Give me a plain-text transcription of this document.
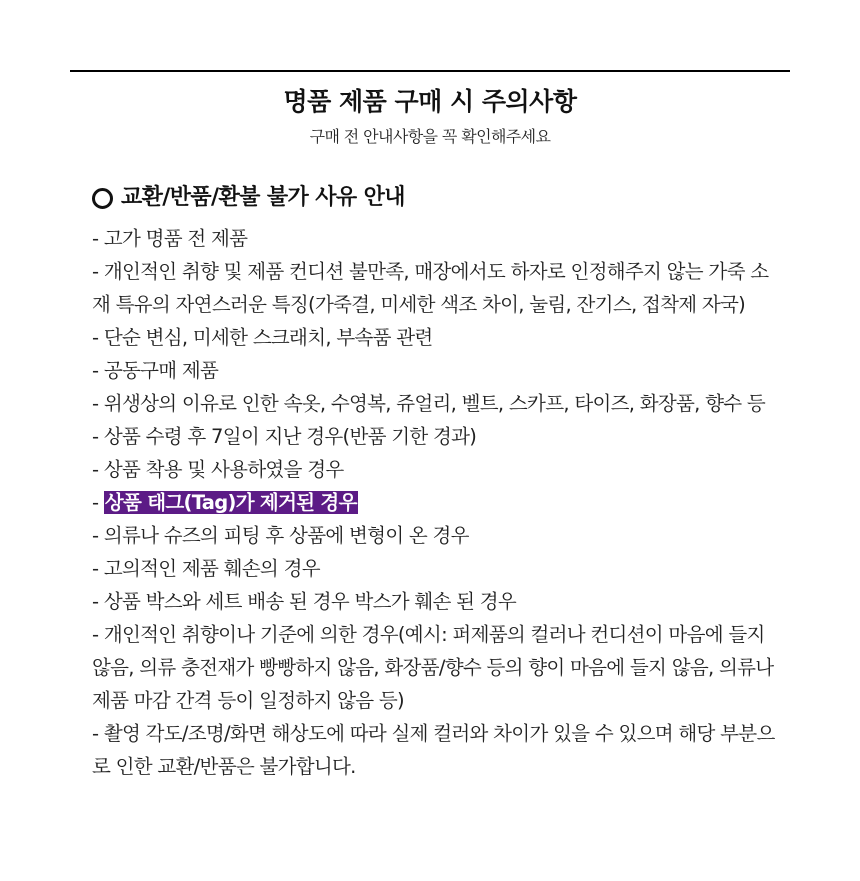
명품 제품 구매 시 주의사항
구매 전 안내사항을 꼭 확인해주세요
교환/반품/환불 불가 사유 안내
- 고가 명품 전 제품
- 개인적인 취향 및 제품 컨디션 불만족, 매장에서도 하자로 인정해주지 않는 가죽 소재 특유의 자연스러운 특징(가죽결, 미세한 색조 차이, 눌림, 잔기스, 접착제 자국)
- 단순 변심, 미세한 스크래치, 부속품 관련
- 공동구매 제품
- 위생상의 이유로 인한 속옷, 수영복, 쥬얼리, 벨트, 스카프, 타이즈, 화장품, 향수 등
- 상품 수령 후 7일이 지난 경우(반품 기한 경과)
- 상품 착용 및 사용하였을 경우
- 상품 태그(Tag)가 제거된 경우
- 의류나 슈즈의 피팅 후 상품에 변형이 온 경우
- 고의적인 제품 훼손의 경우
- 상품 박스와 세트 배송 된 경우 박스가 훼손 된 경우
- 개인적인 취향이나 기준에 의한 경우(예시: 퍼제품의 컬러나 컨디션이 마음에 들지 않음, 의류 충전재가 빵빵하지 않음, 화장품/향수 등의 향이 마음에 들지 않음, 의류나 제품 마감 간격 등이 일정하지 않음 등)
- 촬영 각도/조명/화면 해상도에 따라 실제 컬러와 차이가 있을 수 있으며 해당 부분으로 인한 교환/반품은 불가합니다.
